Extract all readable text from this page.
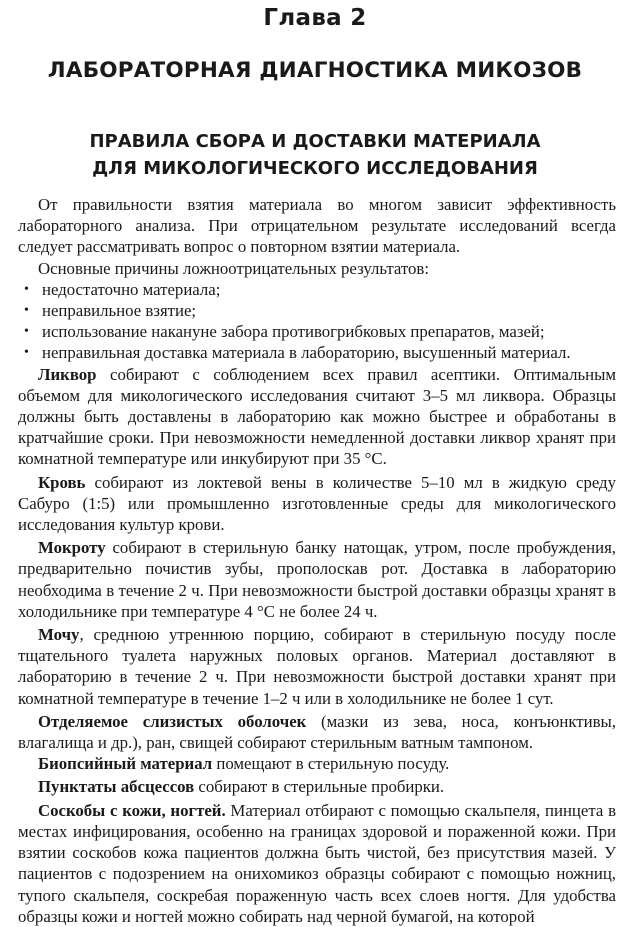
Глава 2
ЛАБОРАТОРНАЯ ДИАГНОСТИКА МИКОЗОВ
ПРАВИЛА СБОРА И ДОСТАВКИ МАТЕРИАЛА
ДЛЯ МИКОЛОГИЧЕСКОГО ИССЛЕДОВАНИЯ

От правильности взятия материала во многом зависит эффективность лабораторного анализа. При отрицательном результате исследований всегда следует рассматривать вопрос о повторном взятии материала.

Основные причины ложноотрицательных результатов:

• недостаточно материала;
• неправильное взятие;
• использование накануне забора противогрибковых препаратов, мазей;
• неправильная доставка материала в лабораторию, высушенный материал.

Ликвор собирают с соблюдением всех правил асептики. Оптимальным объемом для микологического исследования считают 3–5 мл ликвора. Образцы должны быть доставлены в лабораторию как можно быстрее и обработаны в кратчайшие сроки. При невозможности немедленной доставки ликвор хранят при комнатной температуре или инкубируют при 35 °С.

Кровь собирают из локтевой вены в количестве 5–10 мл в жидкую среду Сабуро (1:5) или промышленно изготовленные среды для микологического исследования культур крови.

Мокроту собирают в стерильную банку натощак, утром, после пробуждения, предварительно почистив зубы, прополоскав рот. Доставка в лабораторию необходима в течение 2 ч. При невозможности быстрой доставки образцы хранят в холодильнике при температуре 4 °С не более 24 ч.

Мочу, среднюю утреннюю порцию, собирают в стерильную посуду после тщательного туалета наружных половых органов. Материал доставляют в лабораторию в течение 2 ч. При невозможности быстрой доставки хранят при комнатной температуре в течение 1–2 ч или в холодильнике не более 1 сут.

Отделяемое слизистых оболочек (мазки из зева, носа, конъюнктивы, влагалища и др.), ран, свищей собирают стерильным ватным тампоном.

Биопсийный материал помещают в стерильную посуду.

Пунктаты абсцессов собирают в стерильные пробирки.

Соскобы с кожи, ногтей. Материал отбирают с помощью скальпеля, пинцета в местах инфицирования, особенно на границах здоровой и пораженной кожи. При взятии соскобов кожа пациентов должна быть чистой, без присутствия мазей. У пациентов с подозрением на онихомикоз образцы собирают с помощью ножниц, тупого скальпеля, соскребая пораженную часть всех слоев ногтя. Для удобства образцы кожи и ногтей можно собирать над черной бумагой, на которой
